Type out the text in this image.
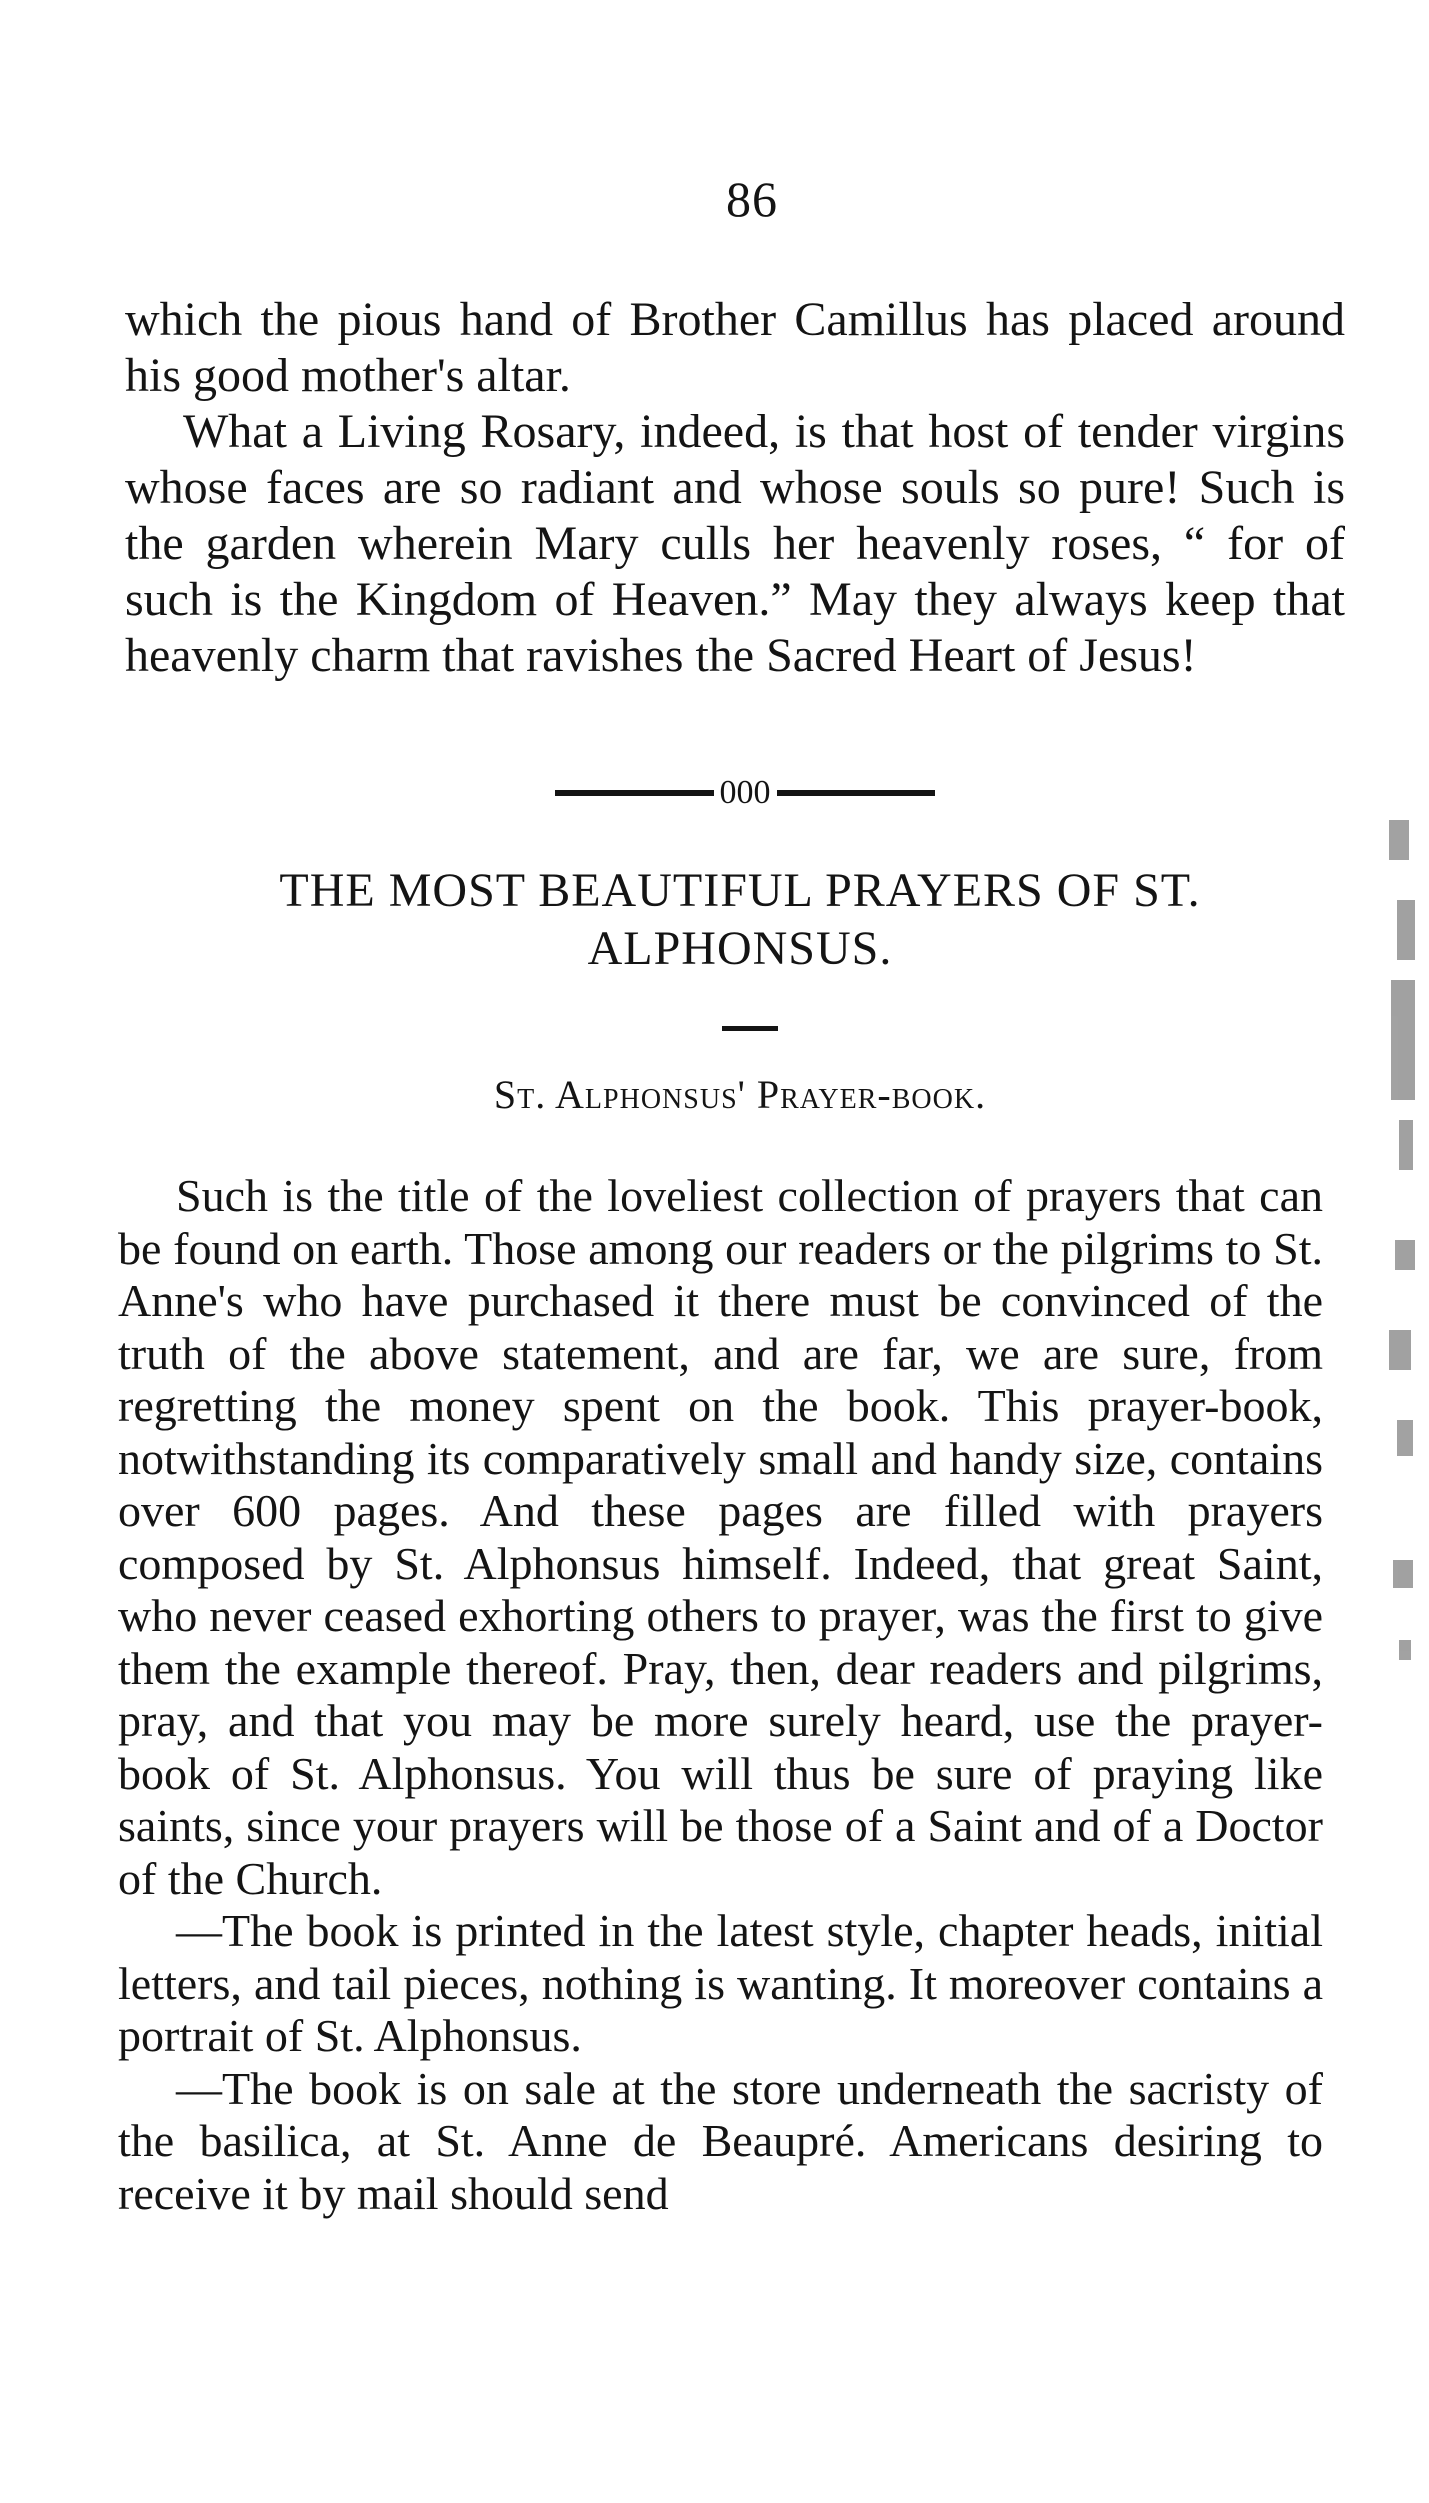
86

which the pious hand of Brother Camillus has placed around his good mother's altar.

What a Living Rosary, indeed, is that host of tender virgins whose faces are so radiant and whose souls so pure! Such is the garden wherein Mary culls her heavenly roses, “ for of such is the Kingdom of Heaven.” May they always keep that heavenly charm that ravishes the Sacred Heart of Jesus!

000
THE MOST BEAUTIFUL PRAYERS OF ST.
ALPHONSUS.
St. Alphonsus' Prayer-book.

Such is the title of the loveliest collection of prayers that can be found on earth. Those among our readers or the pilgrims to St. Anne's who have purchased it there must be convinced of the truth of the above statement, and are far, we are sure, from regretting the money spent on the book. This prayer-book, notwithstanding its comparatively small and handy size, contains over 600 pages. And these pages are filled with prayers composed by St. Alphonsus himself. Indeed, that great Saint, who never ceased exhorting others to prayer, was the first to give them the example thereof. Pray, then, dear readers and pilgrims, pray, and that you may be more surely heard, use the prayer-book of St. Alphonsus. You will thus be sure of praying like saints, since your prayers will be those of a Saint and of a Doctor of the Church.

—The book is printed in the latest style, chapter heads, initial letters, and tail pieces, nothing is wanting. It moreover contains a portrait of St. Alphonsus.

—The book is on sale at the store underneath the sacristy of the basilica, at St. Anne de Beaupré. Americans desiring to receive it by mail should send
